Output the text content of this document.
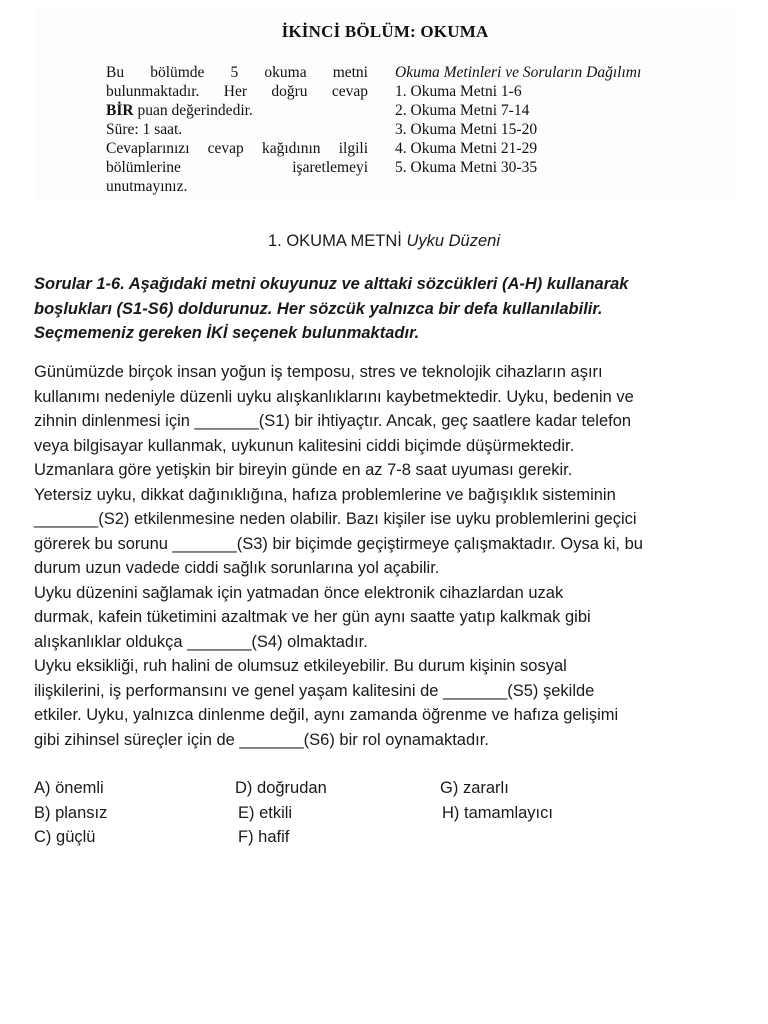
İKİNCİ BÖLÜM: OKUMA
Bu bölümde 5 okuma metni
bulunmaktadır. Her doğru cevap
BİR puan değerindedir.
Süre: 1 saat.
Cevaplarınızı cevap kağıdının ilgili
bölümlerine işaretlemeyi
unutmayınız.
Okuma Metinleri ve Soruların Dağılımı
1. Okuma Metni 1-6
2. Okuma Metni 7-14
3. Okuma Metni 15-20
4. Okuma Metni 21-29
5. Okuma Metni 30-35
1. OKUMA METNİ Uyku Düzeni
Sorular 1-6. Aşağıdaki metni okuyunuz ve alttaki sözcükleri (A-H) kullanarak
boşlukları (S1-S6) doldurunuz. Her sözcük yalnızca bir defa kullanılabilir.
Seçmemeniz gereken İKİ seçenek bulunmaktadır.
Günümüzde birçok insan yoğun iş temposu, stres ve teknolojik cihazların aşırı
kullanımı nedeniyle düzenli uyku alışkanlıklarını kaybetmektedir. Uyku, bedenin ve
zihnin dinlenmesi için _______(S1) bir ihtiyaçtır. Ancak, geç saatlere kadar telefon
veya bilgisayar kullanmak, uykunun kalitesini ciddi biçimde düşürmektedir.
Uzmanlara göre yetişkin bir bireyin günde en az 7-8 saat uyuması gerekir.
Yetersiz uyku, dikkat dağınıklığına, hafıza problemlerine ve bağışıklık sisteminin
_______(S2) etkilenmesine neden olabilir. Bazı kişiler ise uyku problemlerini geçici
görerek bu sorunu _______(S3) bir biçimde geçiştirmeye çalışmaktadır. Oysa ki, bu
durum uzun vadede ciddi sağlık sorunlarına yol açabilir.
Uyku düzenini sağlamak için yatmadan önce elektronik cihazlardan uzak
durmak, kafein tüketimini azaltmak ve her gün aynı saatte yatıp kalkmak gibi
alışkanlıklar oldukça _______(S4) olmaktadır.
Uyku eksikliği, ruh halini de olumsuz etkileyebilir. Bu durum kişinin sosyal
ilişkilerini, iş performansını ve genel yaşam kalitesini de _______(S5) şekilde
etkiler. Uyku, yalnızca dinlenme değil, aynı zamanda öğrenme ve hafıza gelişimi
gibi zihinsel süreçler için de _______(S6) bir rol oynamaktadır.
A) önemli
B) plansız
C) güçlü
D) doğrudan
E) etkili
F) hafif
G) zararlı
H) tamamlayıcı
